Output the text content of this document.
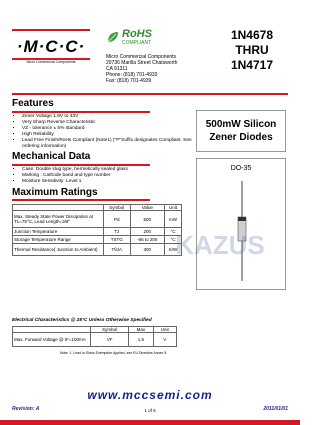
·M·C·C·
Micro Commercial Components
RoHS
COMPLIANT
Micro Commercial Components
20736 Marilla Street Chatsworth
CA 91311
Phone: (818) 701-4933
Fax: (818) 701-4939
1N4678
THRU
1N4717
Features
▪ Zener Voltage 1.8V to 43V
▪ Very Sharp Reverse Characteristic
▪ VZ - tolerance ± 5% standard
▪ High Reliability
▪ Lead Free Finish/RoHs Compliant (Note1) ("P"Suffix designates Compliant. See ordering information)
Mechanical Data
▪ Case: Double slug type, hermetically sealed glass
▪ Marking : Cathode band and type number
▪ Moisture Sensitivity: Level 1
Maximum Ratings
	Symbol	Value	Unit
Max. Steady State Power Dissipation at TL=75°C, Lead Length=3/8"	Pd	500	mW
Junction Temperature	TJ	200	°C
Storage Temperature Range	TSTG	-65 to 200	°C
Thermal Resistance( Junction to Ambient)	TθJA	300	K/W
500mW Silicon
Zener Diodes
DO-35
KAZUS
Electrical Characteristics @ 25°C Unless Otherwise Specified
	Symbol	Max	Unit
Max. Forward Voltage @ IF=100mA	VF	1.5	V
Note: 1. Lead in Glass Exemption Applied, see EU Directive Annex 5.
www.mccsemi.com
Revision: A	1 of 5	2011/01/01
